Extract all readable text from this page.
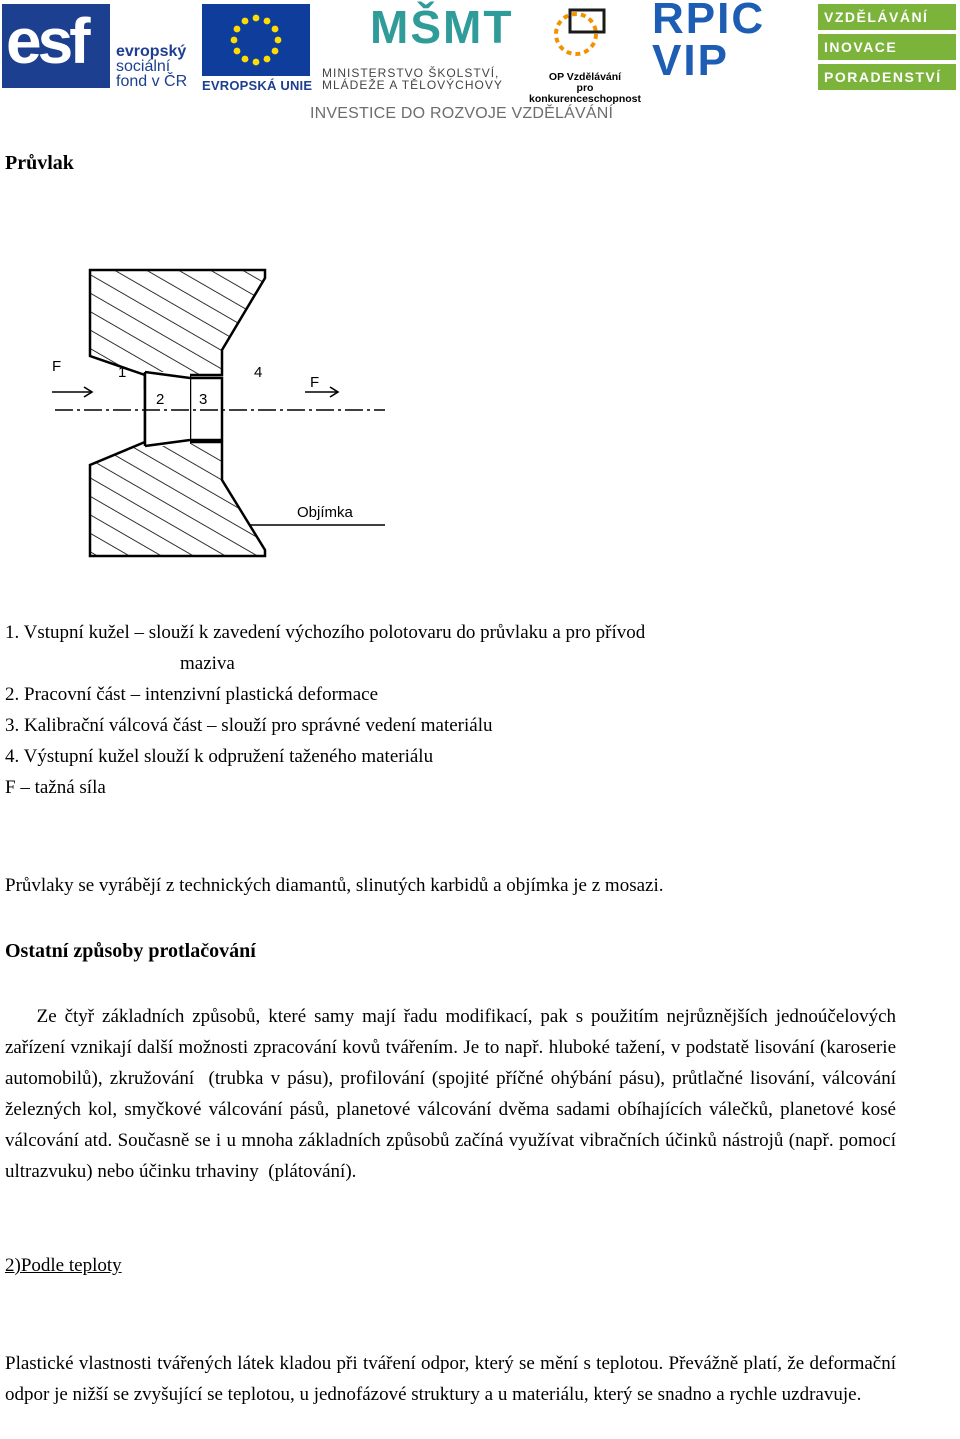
esf evropský
sociální
fond v ČR EVROPSKÁ UNIE
MŠMT
MINISTERSTVO ŠKOLSTVÍ,
MLÁDEŽE A TĚLOVÝCHOVY
OP Vzdělávání
pro konkurenceschopnost
RPIC
VIP
VZDĚLÁVÁNÍ
INOVACE
PORADENSTVÍ
INVESTICE DO ROZVOJE VZDĚLÁVÁNÍ
Průvlak
F	1
2 3
4
F
Objímka
1. Vstupní kužel – slouží k zavedení výchozího polotovaru do průvlaku a pro přívod
maziva
2. Pracovní část – intenzivní plastická deformace
3. Kalibrační válcová část – slouží pro správné vedení materiálu
4. Výstupní kužel slouží k odpružení taženého materiálu
F – tažná síla
Průvlaky se vyrábějí z technických diamantů, slinutých karbidů a objímka je z mosazi.
Ostatní způsoby protlačování

Ze čtyř základních způsobů, které samy mají řadu modifikací, pak s použitím nejrůznějších jednoúčelových zařízení vznikají další možnosti zpracování kovů tvářením. Je to např. hluboké tažení, v podstatě lisování (karoserie automobilů), zkružování  (trubka v pásu), profilování (spojité příčné ohýbání pásu), průtlačné lisování, válcování železných kol, smyčkové válcování pásů, planetové válcování dvěma sadami obíhajících válečků, planetové kosé válcování atd. Současně se i u mnoha základních způsobů začíná využívat vibračních účinků nástrojů (např. pomocí ultrazvuku) nebo účinku trhaviny  (plátování).

2)Podle teploty

Plastické vlastnosti tvářených látek kladou při tváření odpor, který se mění s teplotou. Převážně platí, že deformační odpor je nižší se zvyšující se teplotou, u jednofázové struktury a u materiálu, který se snadno a rychle uzdravuje.
